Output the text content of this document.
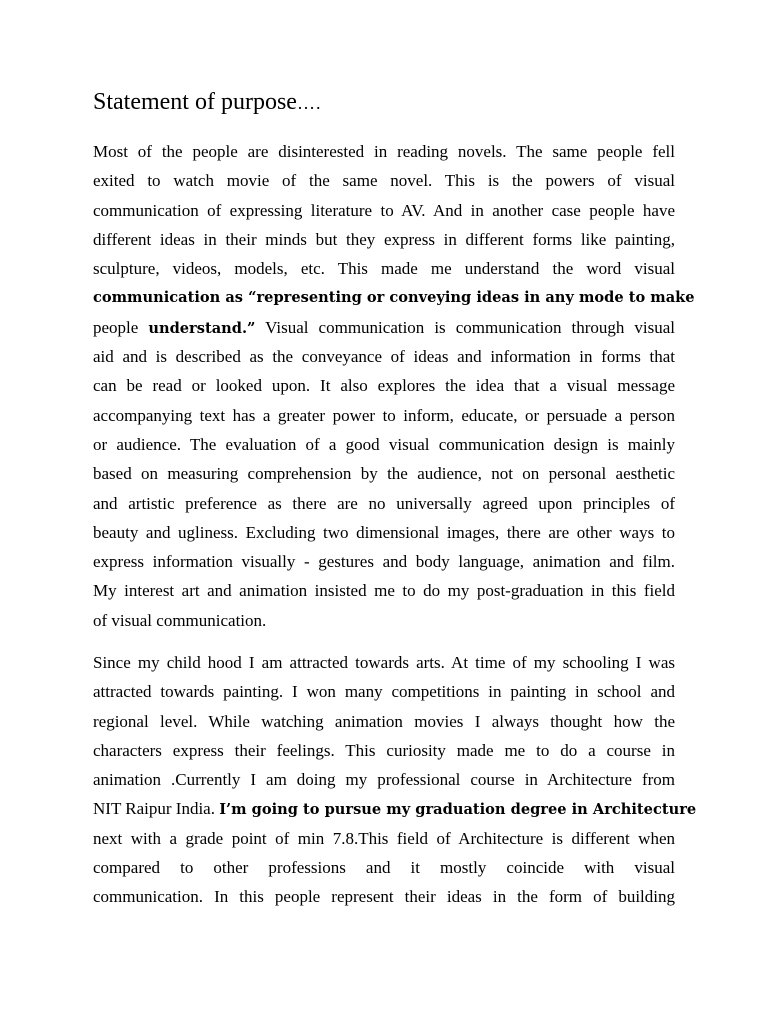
Statement of purpose….
Most of the people are disinterested in reading novels. The same people fell
exited to watch movie of the same novel. This is the powers of visual
communication of expressing literature to AV. And in another case people have
different ideas in their minds but they express in different forms like painting,
sculpture, videos, models, etc. This made me understand the word visual
communication as “representing or conveying ideas in any mode to make
people understand.” Visual communication is communication through visual
aid and is described as the conveyance of ideas and information in forms that
can be read or looked upon. It also explores the idea that a visual message
accompanying text has a greater power to inform, educate, or persuade a person
or audience. The evaluation of a good visual communication design is mainly
based on measuring comprehension by the audience, not on personal aesthetic
and artistic preference as there are no universally agreed upon principles of
beauty and ugliness. Excluding two dimensional images, there are other ways to
express information visually - gestures and body language, animation and film.
My interest art and animation insisted me to do my post-graduation in this field
of visual communication.
Since my child hood I am attracted towards arts. At time of my schooling I was
attracted towards painting. I won many competitions in painting in school and
regional level. While watching animation movies I always thought how the
characters express their feelings. This curiosity made me to do a course in
animation .Currently I am doing my professional course in Architecture from
NIT Raipur India. I’m going to pursue my graduation degree in Architecture
next with a grade point of min 7.8.This field of Architecture is different when
compared to other professions and it mostly coincide with visual
communication. In this people represent their ideas in the form of building
